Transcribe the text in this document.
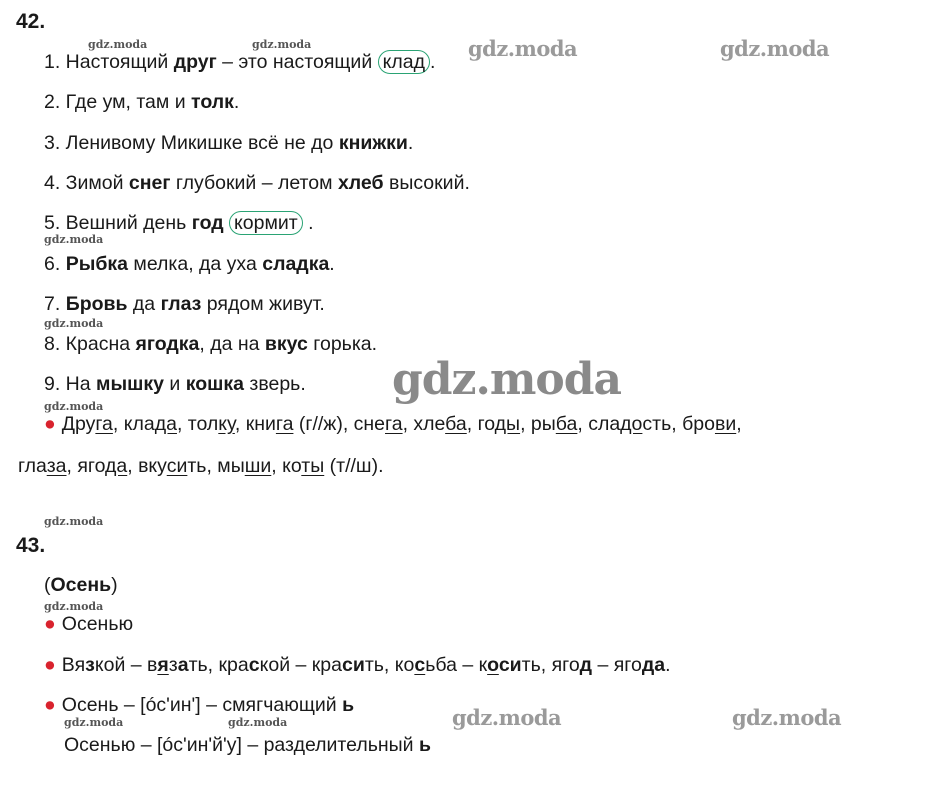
42.
1. Настоящий друг – это настоящий клад .
2. Где ум, там и толк.
3. Ленивому Микишке всё не до книжки.
4. Зимой снег глубокий – летом хлеб высокий.
5. Вешний день год кормит .
6. Рыбка мелка, да уха сладка.
7. Бровь да глаз рядом живут.
8. Красна ягодка, да на вкус горька.
9. На мышку и кошка зверь.
● Друга, клада, толку, книга (г//ж), снега, хлеба, годы, рыба, сладость, брови,
глаза, ягода, вкусить, мыши, коты (т//ш).
43.
(Осень)
● Осенью
● Вязкой – вязать, краской – красить, косьба – косить, ягод – ягода.
● Осень – [óс'ин'] – смягчающий ь
Осенью – [óс'ин'й'у] – разделительный ь
gdz.moda	gdz.moda	gdz.moda	gdz.moda
gdz.moda
gdz.moda
gdz.moda
gdz.moda
gdz.moda
gdz.moda
gdz.moda	gdz.moda	gdz.moda	gdz.moda
